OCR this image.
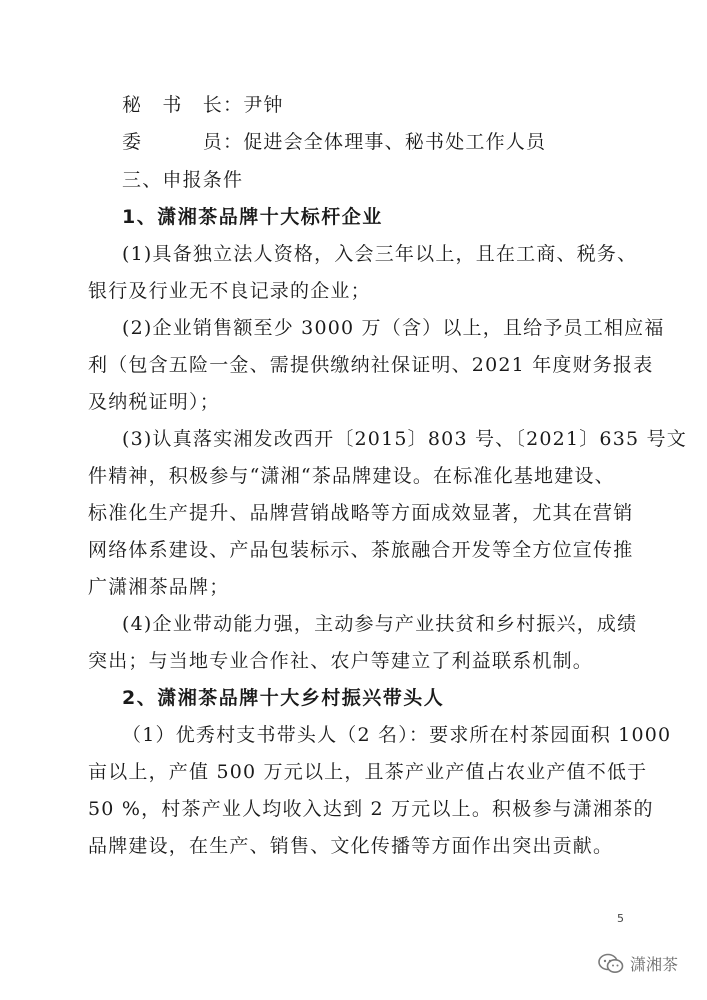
秘　书　长：尹钟
委　　　员：促进会全体理事、秘书处工作人员
三、申报条件
1、潇湘茶品牌十大标杆企业
(1)具备独立法人资格，入会三年以上，且在工商、税务、
银行及行业无不良记录的企业；
(2)企业销售额至少 3000 万（含）以上，且给予员工相应福
利（包含五险一金、需提供缴纳社保证明、2021 年度财务报表
及纳税证明）；
(3)认真落实湘发改西开〔2015〕803 号、〔2021〕635 号文
件精神，积极参与“潇湘“茶品牌建设。在标准化基地建设、
标准化生产提升、品牌营销战略等方面成效显著，尤其在营销
网络体系建设、产品包装标示、茶旅融合开发等全方位宣传推
广潇湘茶品牌；
(4)企业带动能力强，主动参与产业扶贫和乡村振兴，成绩
突出；与当地专业合作社、农户等建立了利益联系机制。
2、潇湘茶品牌十大乡村振兴带头人
（1）优秀村支书带头人（2 名）：要求所在村茶园面积 1000
亩以上，产值 500 万元以上，且茶产业产值占农业产值不低于
50 %，村茶产业人均收入达到 2 万元以上。积极参与潇湘茶的
品牌建设，在生产、销售、文化传播等方面作出突出贡献。
5
潇湘茶
